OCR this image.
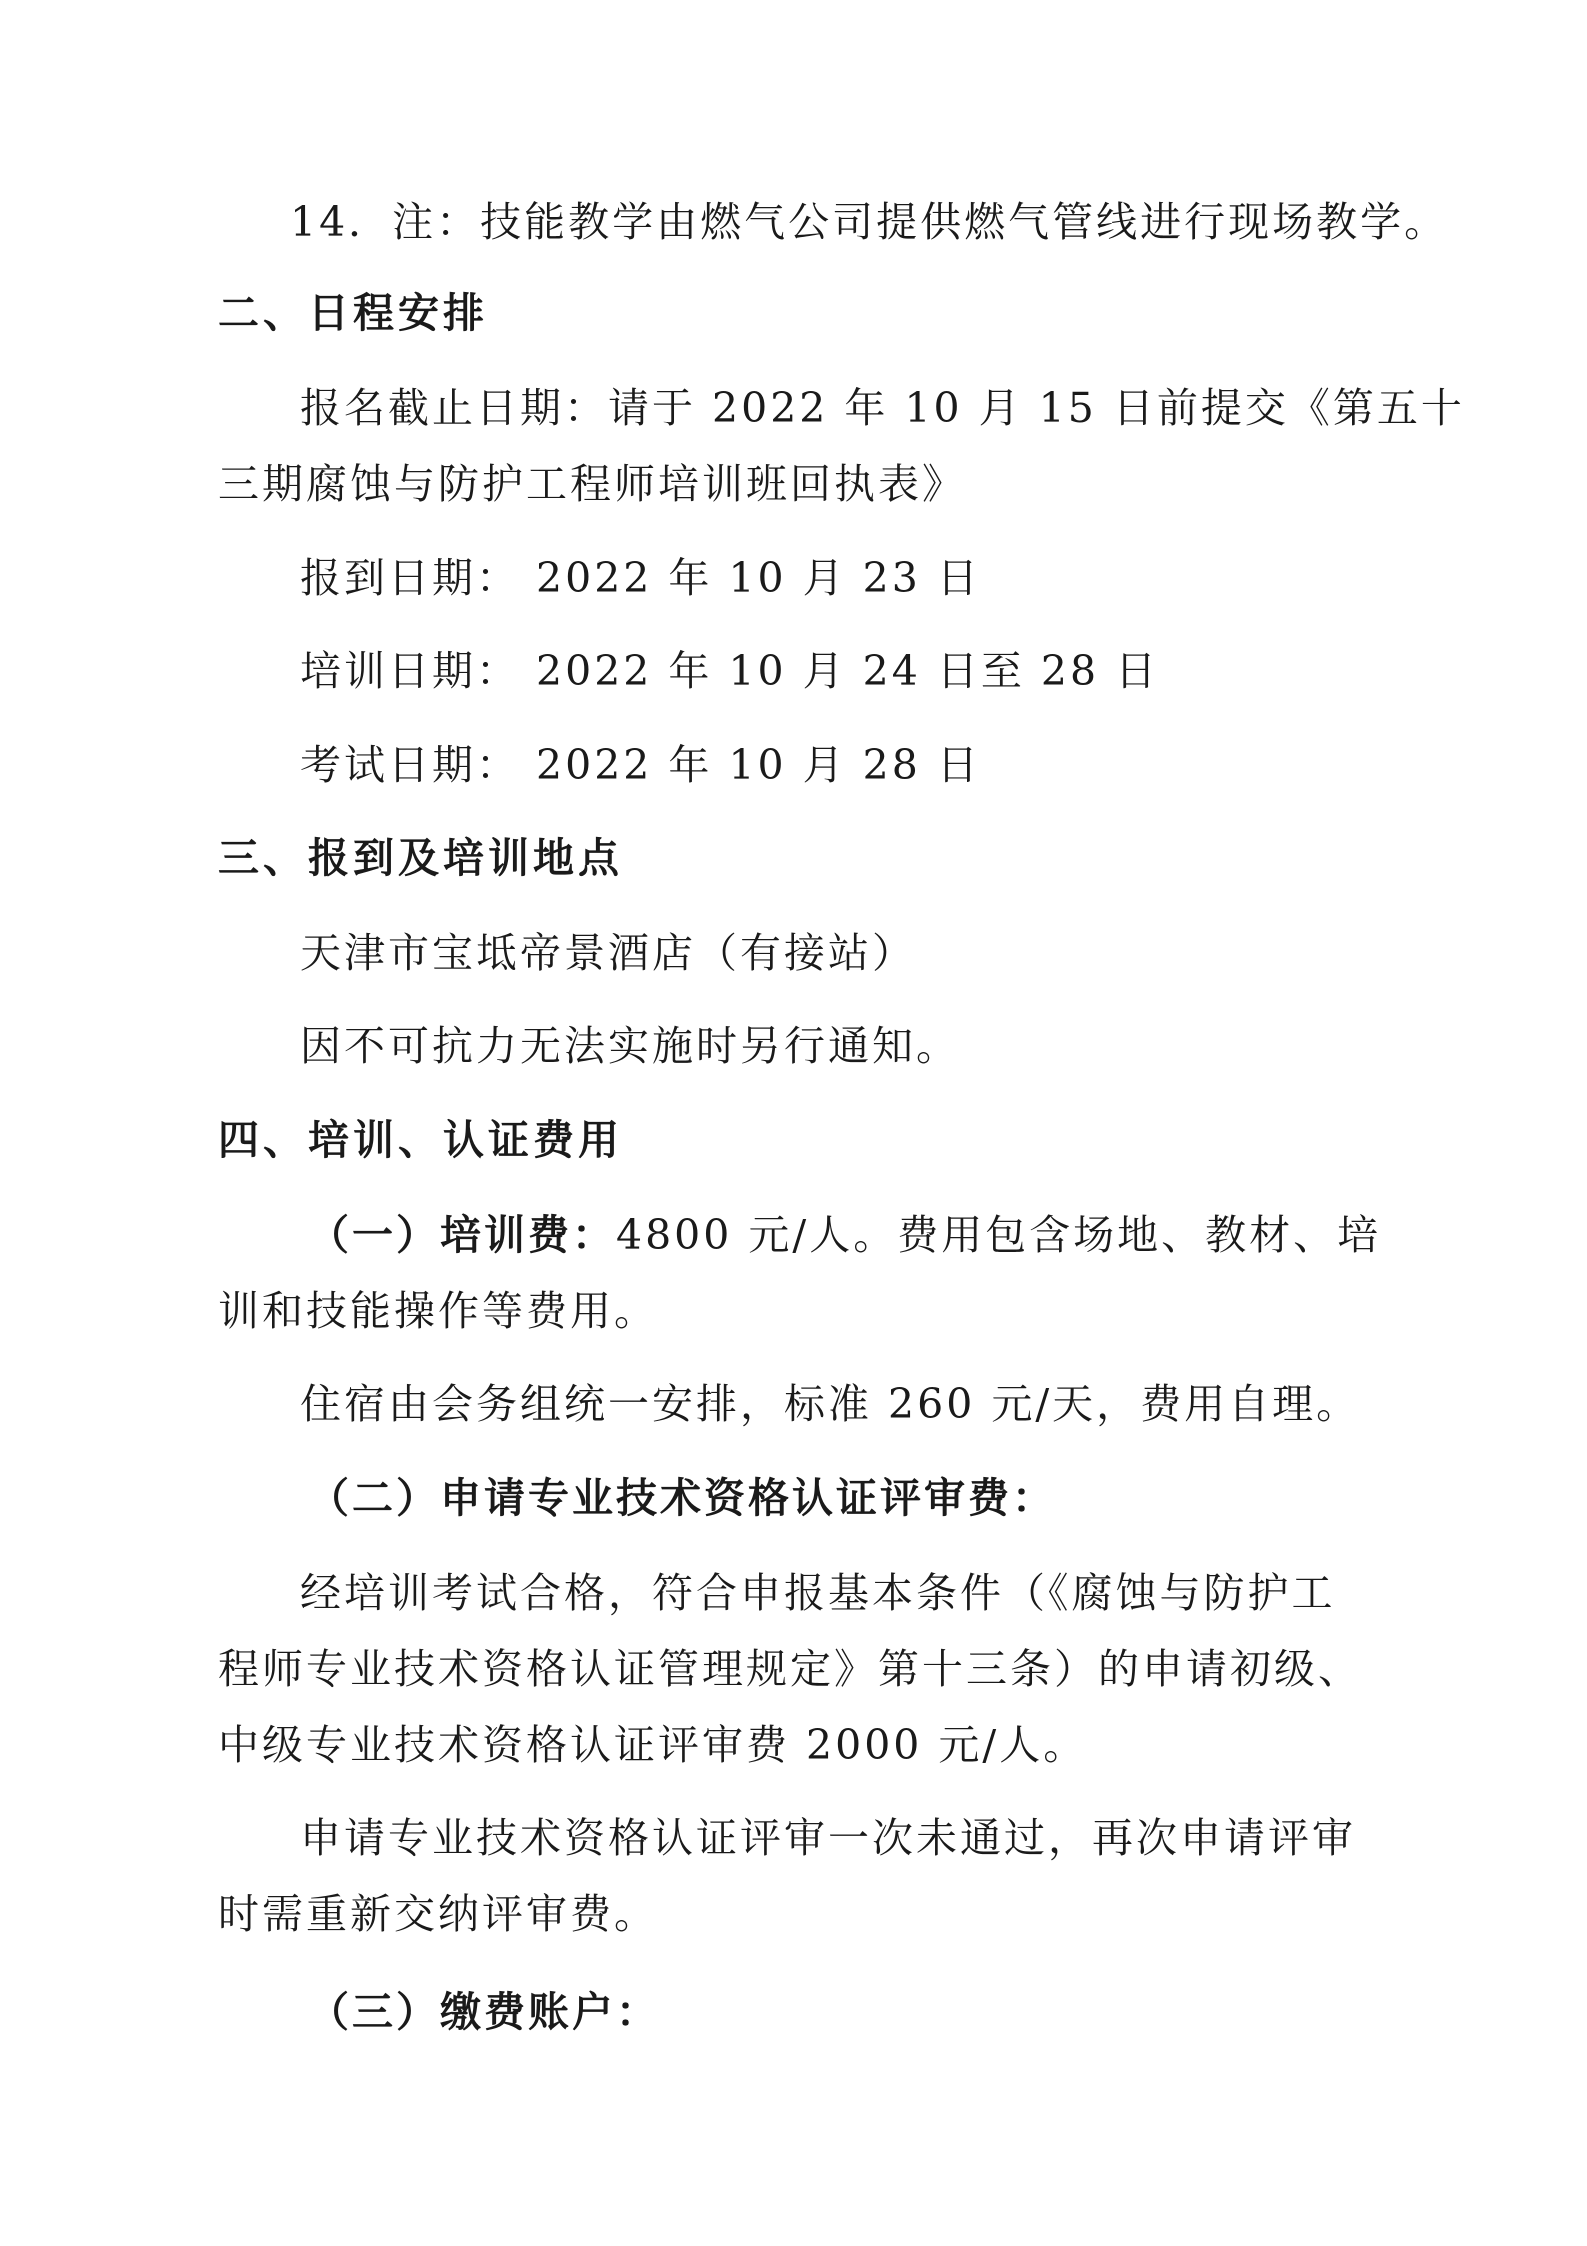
14．注：技能教学由燃气公司提供燃气管线进行现场教学。
二、日程安排
报名截止日期：请于 2022 年 10 月 15 日前提交《第五十
三期腐蚀与防护工程师培训班回执表》
报到日期： 2022 年 10 月 23 日
培训日期： 2022 年 10 月 24 日至 28 日
考试日期： 2022 年 10 月 28 日
三、报到及培训地点
天津市宝坻帝景酒店（有接站）
因不可抗力无法实施时另行通知。
四、培训、认证费用
（一）培训费：4800 元/人。费用包含场地、教材、培
训和技能操作等费用。
住宿由会务组统一安排，标准 260 元/天，费用自理。
（二）申请专业技术资格认证评审费：
经培训考试合格，符合申报基本条件（《腐蚀与防护工
程师专业技术资格认证管理规定》第十三条）的申请初级、
中级专业技术资格认证评审费 2000 元/人。
申请专业技术资格认证评审一次未通过，再次申请评审
时需重新交纳评审费。
（三）缴费账户：
